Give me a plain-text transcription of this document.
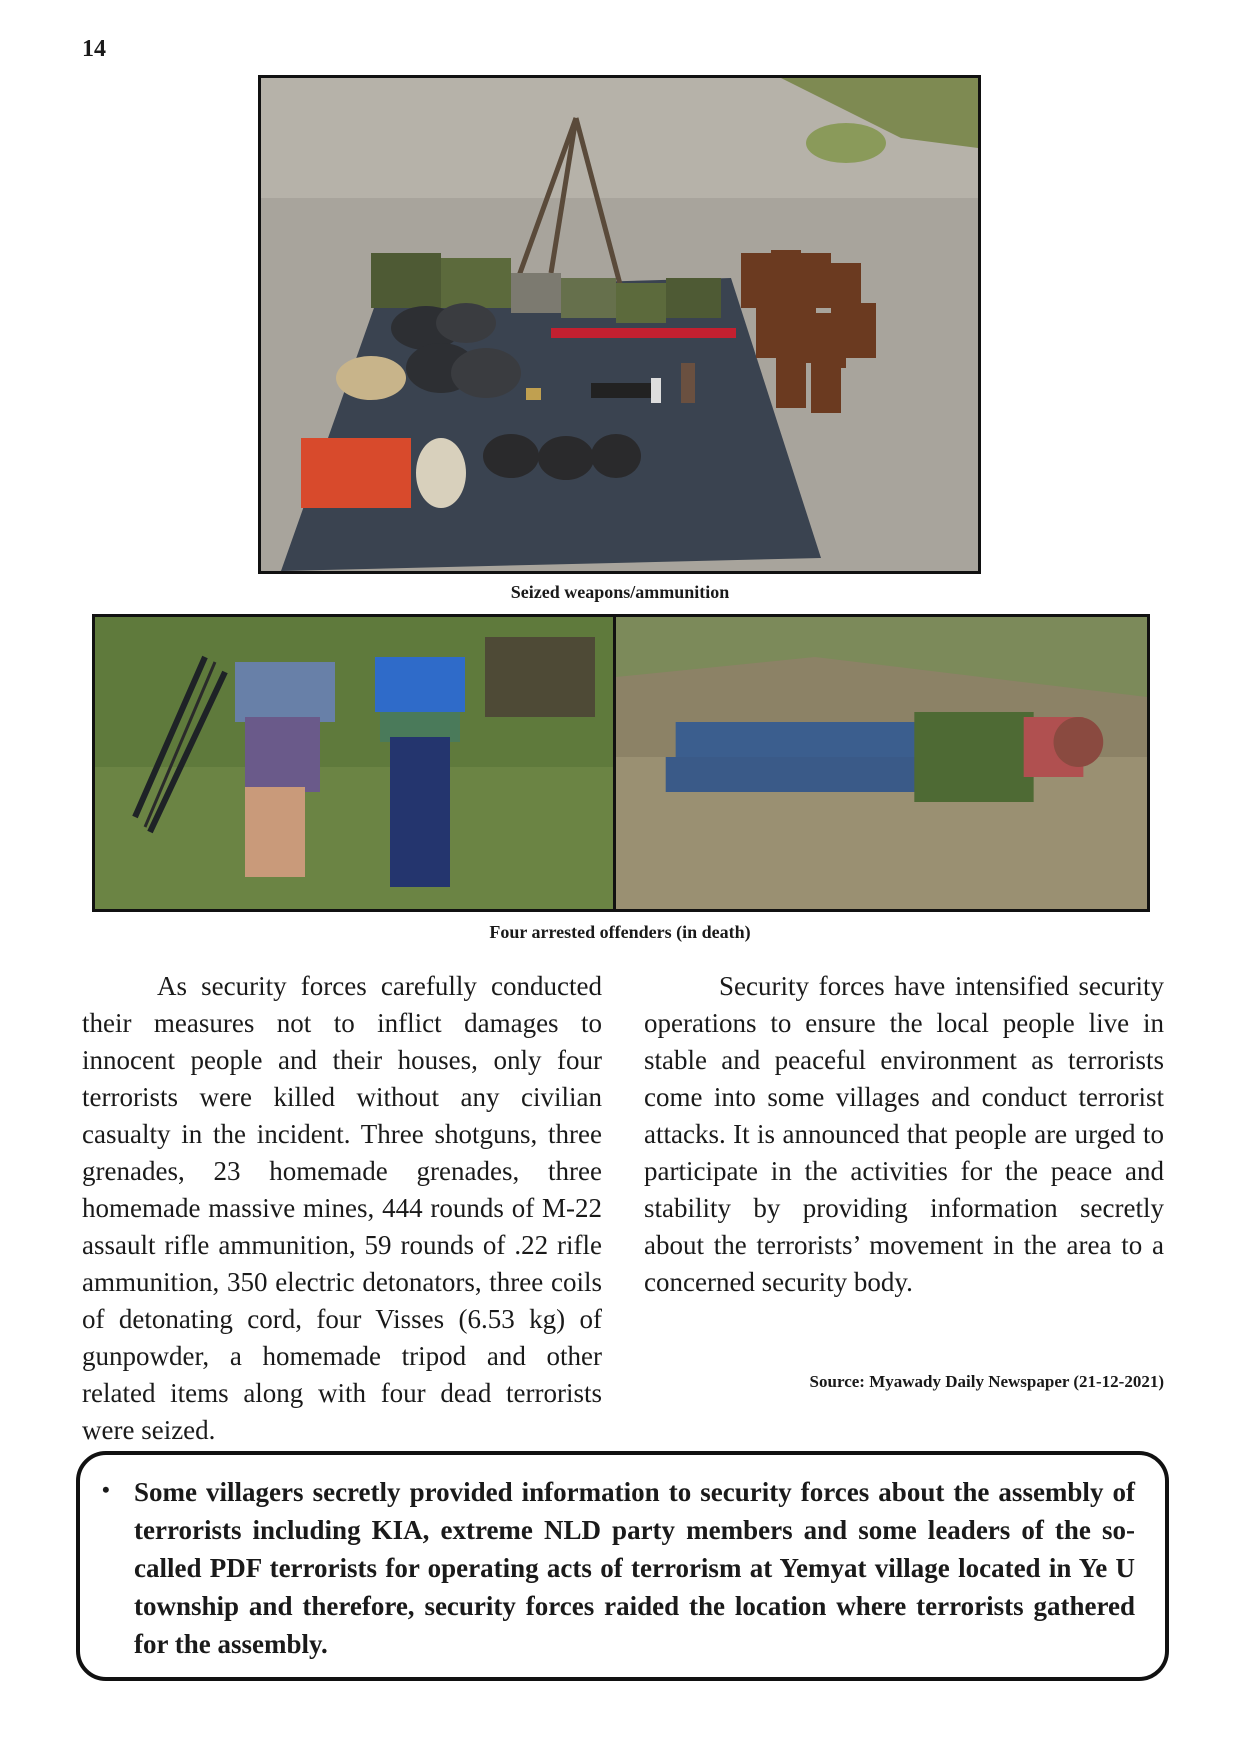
14
Seized weapons/ammunition
Four arrested offenders (in death)

As security forces carefully conducted their measures not to inflict damages to innocent people and their houses, only four terrorists were killed without any civilian casualty in the incident. Three shotguns, three grenades, 23 homemade grenades, three homemade massive mines, 444 rounds of M-22 assault rifle ammunition, 59 rounds of .22 rifle ammunition, 350 electric detonators, three coils of detonating cord, four Visses (6.53 kg) of gunpowder, a homemade tripod and other related items along with four dead terrorists were seized.

Security forces have intensified security operations to ensure the local people live in stable and peaceful environment as terrorists come into some villages and conduct terrorist attacks. It is announced that people are urged to participate in the activities for the peace and stability by providing information secretly about the terrorists’ movement in the area to a concerned security body.

Source: Myawady Daily Newspaper (21-12-2021)
• Some villagers secretly provided information to security forces about the assembly of terrorists including KIA, extreme NLD party members and some leaders of the so-called PDF terrorists for operating acts of terrorism at Yemyat village located in Ye U township and therefore, security forces raided the location where terrorists gathered for the assembly.
